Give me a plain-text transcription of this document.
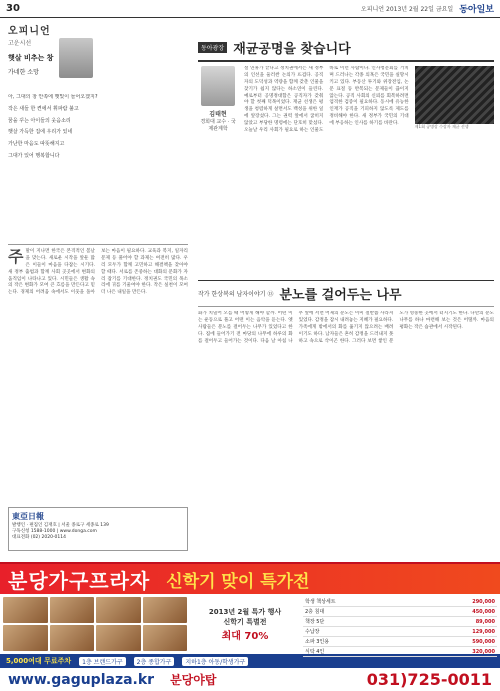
30	오피니언 2013년 2월 22일 금요일 동아일보
오피니언
고운시선
햇살 비추는 창
가네한 소망

아, 그대의 창 안쪽에 햇빛이 들어오겠지?

작은 새들 한 켠에서 휘파람 불고

꿈을 꾸는 아이들의 웃음소리

햇살 가득한 집에 우리가 있네

가난한 마음도 따뜻해지고

그대가 있어 행복합니다

주 말이 지나면 한국은 본격적인 봄날을 맞는다. 새로운 시작을 앞둔 많은 이들이 마음을 다잡는 시기다. 새 정부 출범과 함께 사회 곳곳에서 변화의 움직임이 나타나고 있다. 시민들은 생활 속의 작은 변화가 모여 큰 흐름을 만든다고 믿는다. 경제의 어려움 속에서도 이웃을 돌아보는 마음이 필요하다. 교육과 복지, 일자리 문제 등 풀어야 할 과제는 여전히 많다. 우리 모두가 함께 고민하고 해결책을 찾아야 할 때다. 서로를 존중하는 대화의 문화가 자리 잡기를 기대한다. 정치권도 국민의 목소리에 귀를 기울여야 한다. 작은 실천이 모여 더 나은 내일을 만든다.
東亞日報
발행인 · 편집인 김재호 | 서울 종로구 세종로 139
구독신청 1588-1000 | www.donga.com
대표전화 (02) 2020-0114
동아광장 재균공명을 찾습니다
김태현
경희대 교수 · 국제관계학
설 연휴가 끝나고 정치권에서는 새 정부의 인선을 둘러싼 논의가 뜨겁다. 공직자의 도덕성과 역량을 함께 갖춘 인물을 찾기가 쉽지 않다는 하소연이 들린다. 예로부터 공명정대함은 공직자가 갖춰야 할 첫째 덕목이었다. 재균 선생은 평생을 청렴하게 살면서도 백성을 위한 일에 앞장섰다. 그는 권력 앞에서 굽히지 않았고 부당한 명령에는 단호히 맞섰다. 오늘날 우리 사회가 필요로 하는 인물도 바로 이런 사람이다. 인사청문회를 거치며 드러나는 각종 의혹은 국민을 실망시키고 있다. 부동산 투기와 위장전입, 논문 표절 등 반복되는 문제들이 끊이지 않는다. 공직 사회의 신뢰를 회복하려면 엄격한 검증이 필요하다. 동시에 유능한 인재가 공직을 기피하지 않도록 제도를 정비해야 한다. 새 정부가 국민의 기대에 부응하는 인사를 하기를 바란다.
제1회 공명상 수상자 재균 선생
작가 한상복의 남자이야기 ⑬ 분노를 걸어두는 나무
화가 치밀어 오를 때 어떻게 해야 할까. 어떤 이는 운동으로 풀고 어떤 이는 음악을 듣는다. 옛사람들은 분노를 걸어두는 나무가 있었다고 한다. 집에 들어가기 전 마당의 나무에 하루의 화를 걸어두고 들어가는 것이다. 다음 날 아침 나무 앞에 서면 어제의 분노는 이미 절반쯤 사라져 있었다. 감정을 잠시 내려놓는 지혜가 필요하다. 가족에게 밖에서의 화를 옮기지 않으려는 배려이기도 하다. 남자들은 흔히 감정을 드러내지 못하고 속으로 삭이곤 한다. 그러다 보면 쌓인 분노가 엉뚱한 곳에서 터지기도 한다. 나만의 분노 나무를 하나 마련해 보는 것은 어떨까. 마음의 평화는 작은 습관에서 시작된다.
분당가구프라자 신학기 맞이 특가전
2013년 2월 특가 행사
신학기 특별전
최대 70%
학생 책상세트	290,000
2층 침대	450,000
책장 5단	89,000
수납장	129,000
소파 3인용	590,000
식탁 4인	320,000
5,000여대 무료주차	1층 브랜드가구	2층 종합가구	지하1층 아동/학생가구
www.gaguplaza.kr 분당야탑	031)725-0011
